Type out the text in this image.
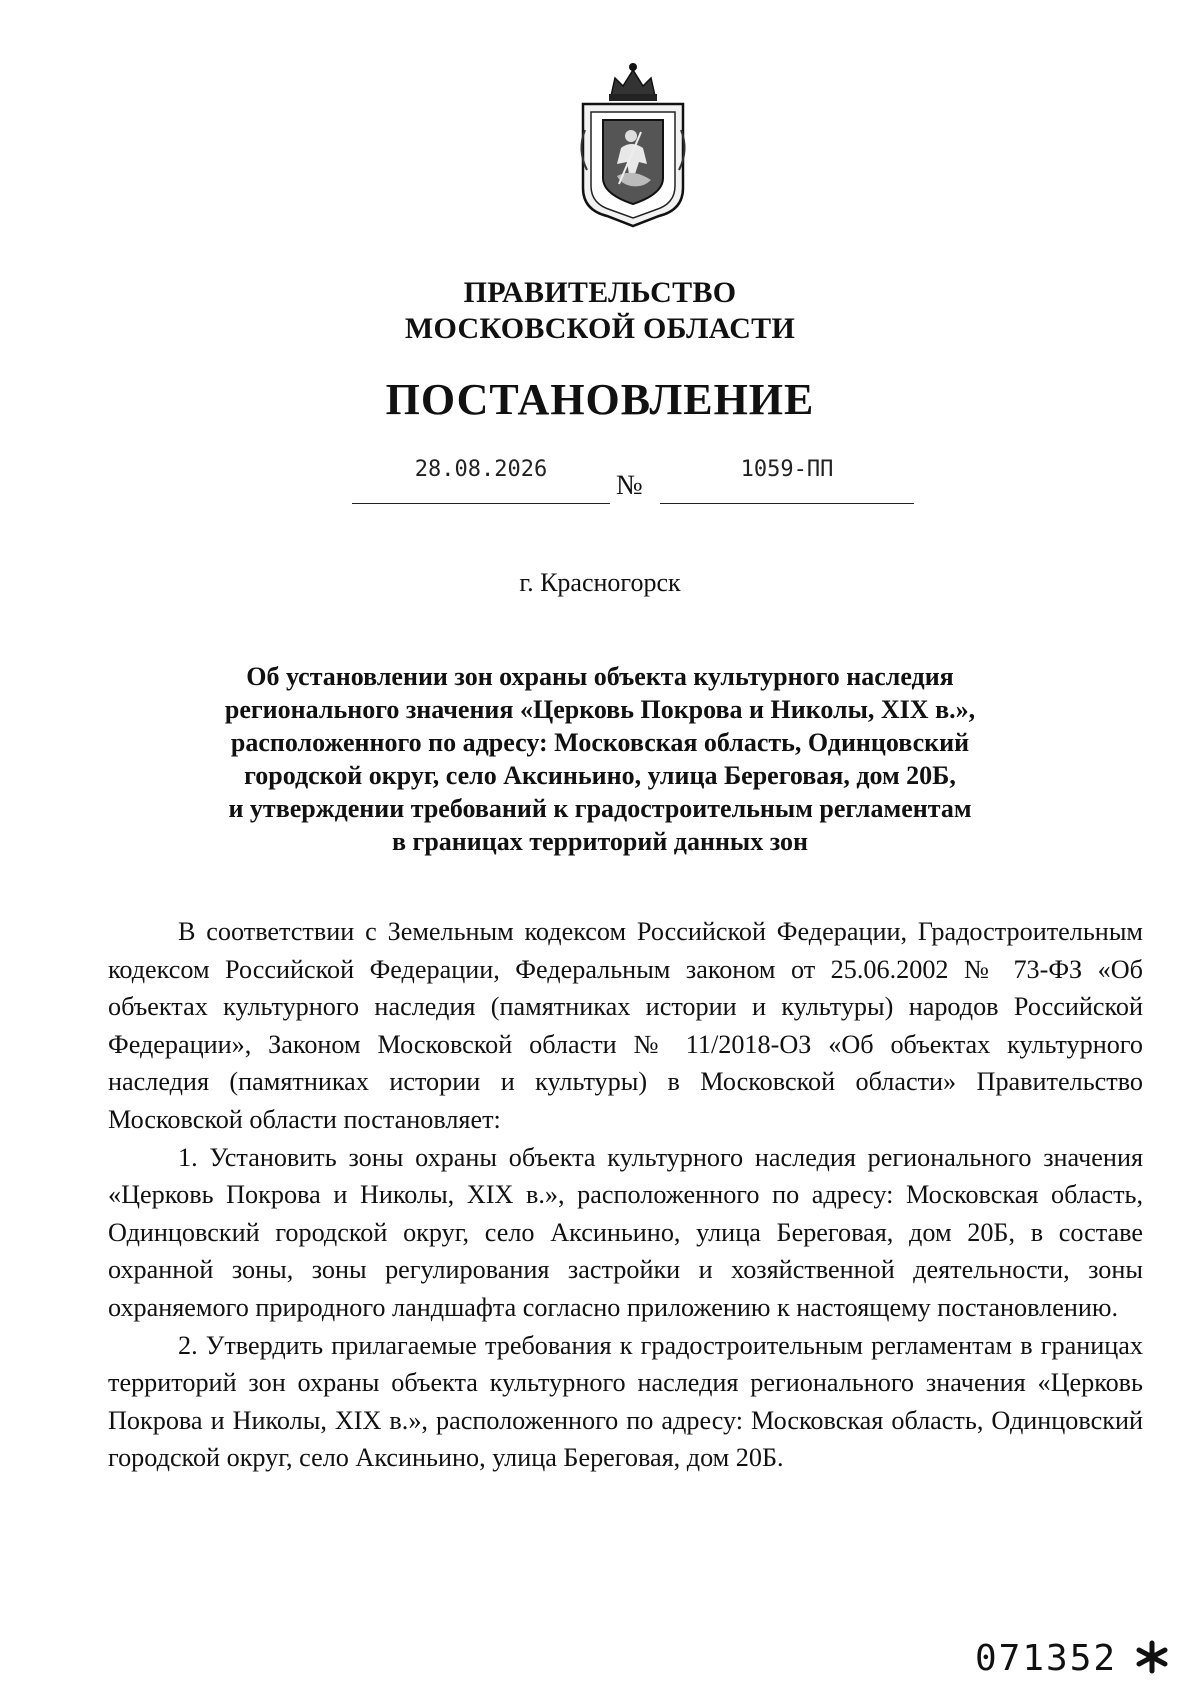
ПРАВИТЕЛЬСТВО
МОСКОВСКОЙ ОБЛАСТИ
ПОСТАНОВЛЕНИЕ
28.08.2026
№
1059-ПП
г. Красногорск
Об установлении зон охраны объекта культурного наследия
регионального значения «Церковь Покрова и Николы, XIX в.»,
расположенного по адресу: Московская область, Одинцовский
городской округ, село Аксиньино, улица Береговая, дом 20Б,
и утверждении требований к градостроительным регламентам
в границах территорий данных зон

В соответствии с Земельным кодексом Российской Федерации, Градостроительным кодексом Российской Федерации, Федеральным законом от 25.06.2002 № 73-ФЗ «Об объектах культурного наследия (памятниках истории и культуры) народов Российской Федерации», Законом Московской области № 11/2018-ОЗ «Об объектах культурного наследия (памятниках истории и культуры) в Московской области» Правительство Московской области постановляет:

1. Установить зоны охраны объекта культурного наследия регионального значения «Церковь Покрова и Николы, XIX в.», расположенного по адресу: Московская область, Одинцовский городской округ, село Аксиньино, улица Береговая, дом 20Б, в составе охранной зоны, зоны регулирования застройки и хозяйственной деятельности, зоны охраняемого природного ландшафта согласно приложению к настоящему постановлению.

2. Утвердить прилагаемые требования к градостроительным регламентам в границах территорий зон охраны объекта культурного наследия регионального значения «Церковь Покрова и Николы, XIX в.», расположенного по адресу: Московская область, Одинцовский городской округ, село Аксиньино, улица Береговая, дом 20Б.

071352
